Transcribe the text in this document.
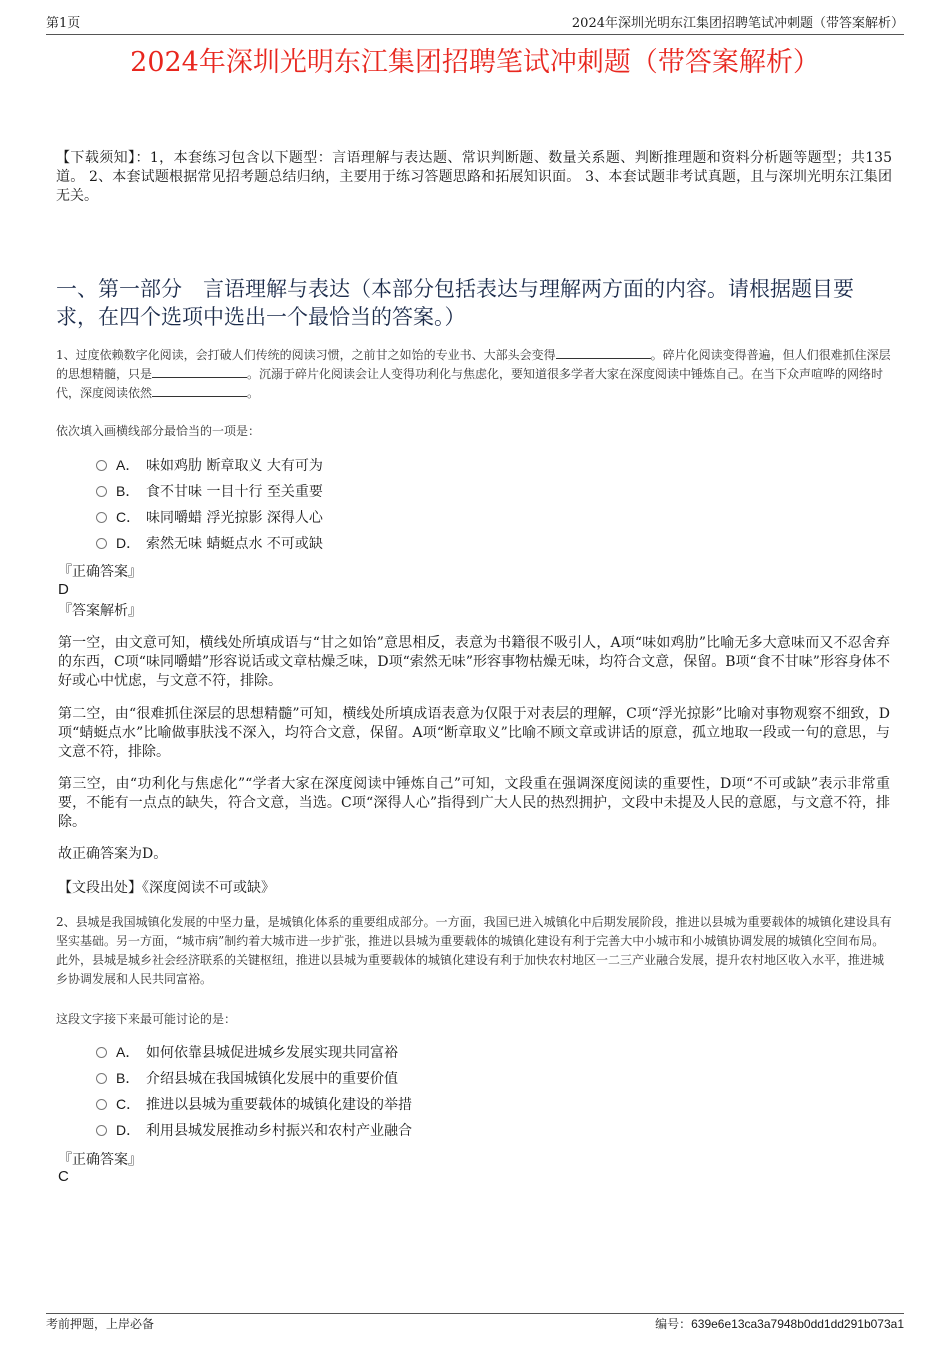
第1页	2024年深圳光明东江集团招聘笔试冲刺题（带答案解析）
2024年深圳光明东江集团招聘笔试冲刺题（带答案解析）

【下载须知】：1，本套练习包含以下题型：言语理解与表达题、常识判断题、数量关系题、判断推理题和资料分析题等题型；共135道。 2、本套试题根据常见招考题总结归纳，主要用于练习答题思路和拓展知识面。 3、本套试题非考试真题，且与深圳光明东江集团无关。

一、第一部分　言语理解与表达（本部分包括表达与理解两方面的内容。请根据题目要求，在四个选项中选出一个最恰当的答案。）

1、过度依赖数字化阅读，会打破人们传统的阅读习惯，之前甘之如饴的专业书、大部头会变得	。碎片化阅读变得普遍，但人们很难抓住深层的思想精髓，只是	。沉溺于碎片化阅读会让人变得功利化与焦虑化，要知道很多学者大家在深度阅读中锤炼自己。在当下众声喧哗的网络时代，深度阅读依然	。

依次填入画横线部分最恰当的一项是：

A． 味如鸡肋 断章取义 大有可为
B． 食不甘味 一目十行 至关重要
C． 味同嚼蜡 浮光掠影 深得人心
D． 索然无味 蜻蜓点水 不可或缺

『正确答案』

D

『答案解析』

第一空，由文意可知，横线处所填成语与“甘之如饴”意思相反，表意为书籍很不吸引人，A项“味如鸡肋”比喻无多大意味而又不忍舍弃的东西，C项“味同嚼蜡”形容说话或文章枯燥乏味，D项“索然无味”形容事物枯燥无味，均符合文意，保留。B项“食不甘味”形容身体不好或心中忧虑，与文意不符，排除。

第二空，由“很难抓住深层的思想精髓”可知，横线处所填成语表意为仅限于对表层的理解，C项“浮光掠影”比喻对事物观察不细致，D项“蜻蜓点水”比喻做事肤浅不深入，均符合文意，保留。A项“断章取义”比喻不顾文章或讲话的原意，孤立地取一段或一句的意思，与文意不符，排除。

第三空，由“功利化与焦虑化”“学者大家在深度阅读中锤炼自己”可知，文段重在强调深度阅读的重要性，D项“不可或缺”表示非常重要，不能有一点点的缺失，符合文意，当选。C项“深得人心”指得到广大人民的热烈拥护，文段中未提及人民的意愿，与文意不符，排除。

故正确答案为D。

【文段出处】《深度阅读不可或缺》

2、县城是我国城镇化发展的中坚力量，是城镇化体系的重要组成部分。一方面，我国已进入城镇化中后期发展阶段，推进以县城为重要载体的城镇化建设具有坚实基础。另一方面，“城市病”制约着大城市进一步扩张，推进以县城为重要载体的城镇化建设有利于完善大中小城市和小城镇协调发展的城镇化空间布局。此外，县城是城乡社会经济联系的关键枢纽，推进以县城为重要载体的城镇化建设有利于加快农村地区一二三产业融合发展，提升农村地区收入水平，推进城乡协调发展和人民共同富裕。

这段文字接下来最可能讨论的是：

A． 如何依靠县城促进城乡发展实现共同富裕
B． 介绍县城在我国城镇化发展中的重要价值
C． 推进以县城为重要载体的城镇化建设的举措
D． 利用县城发展推动乡村振兴和农村产业融合

『正确答案』

C

考前押题，上岸必备	编号：639e6e13ca3a7948b0dd1dd291b073a1
